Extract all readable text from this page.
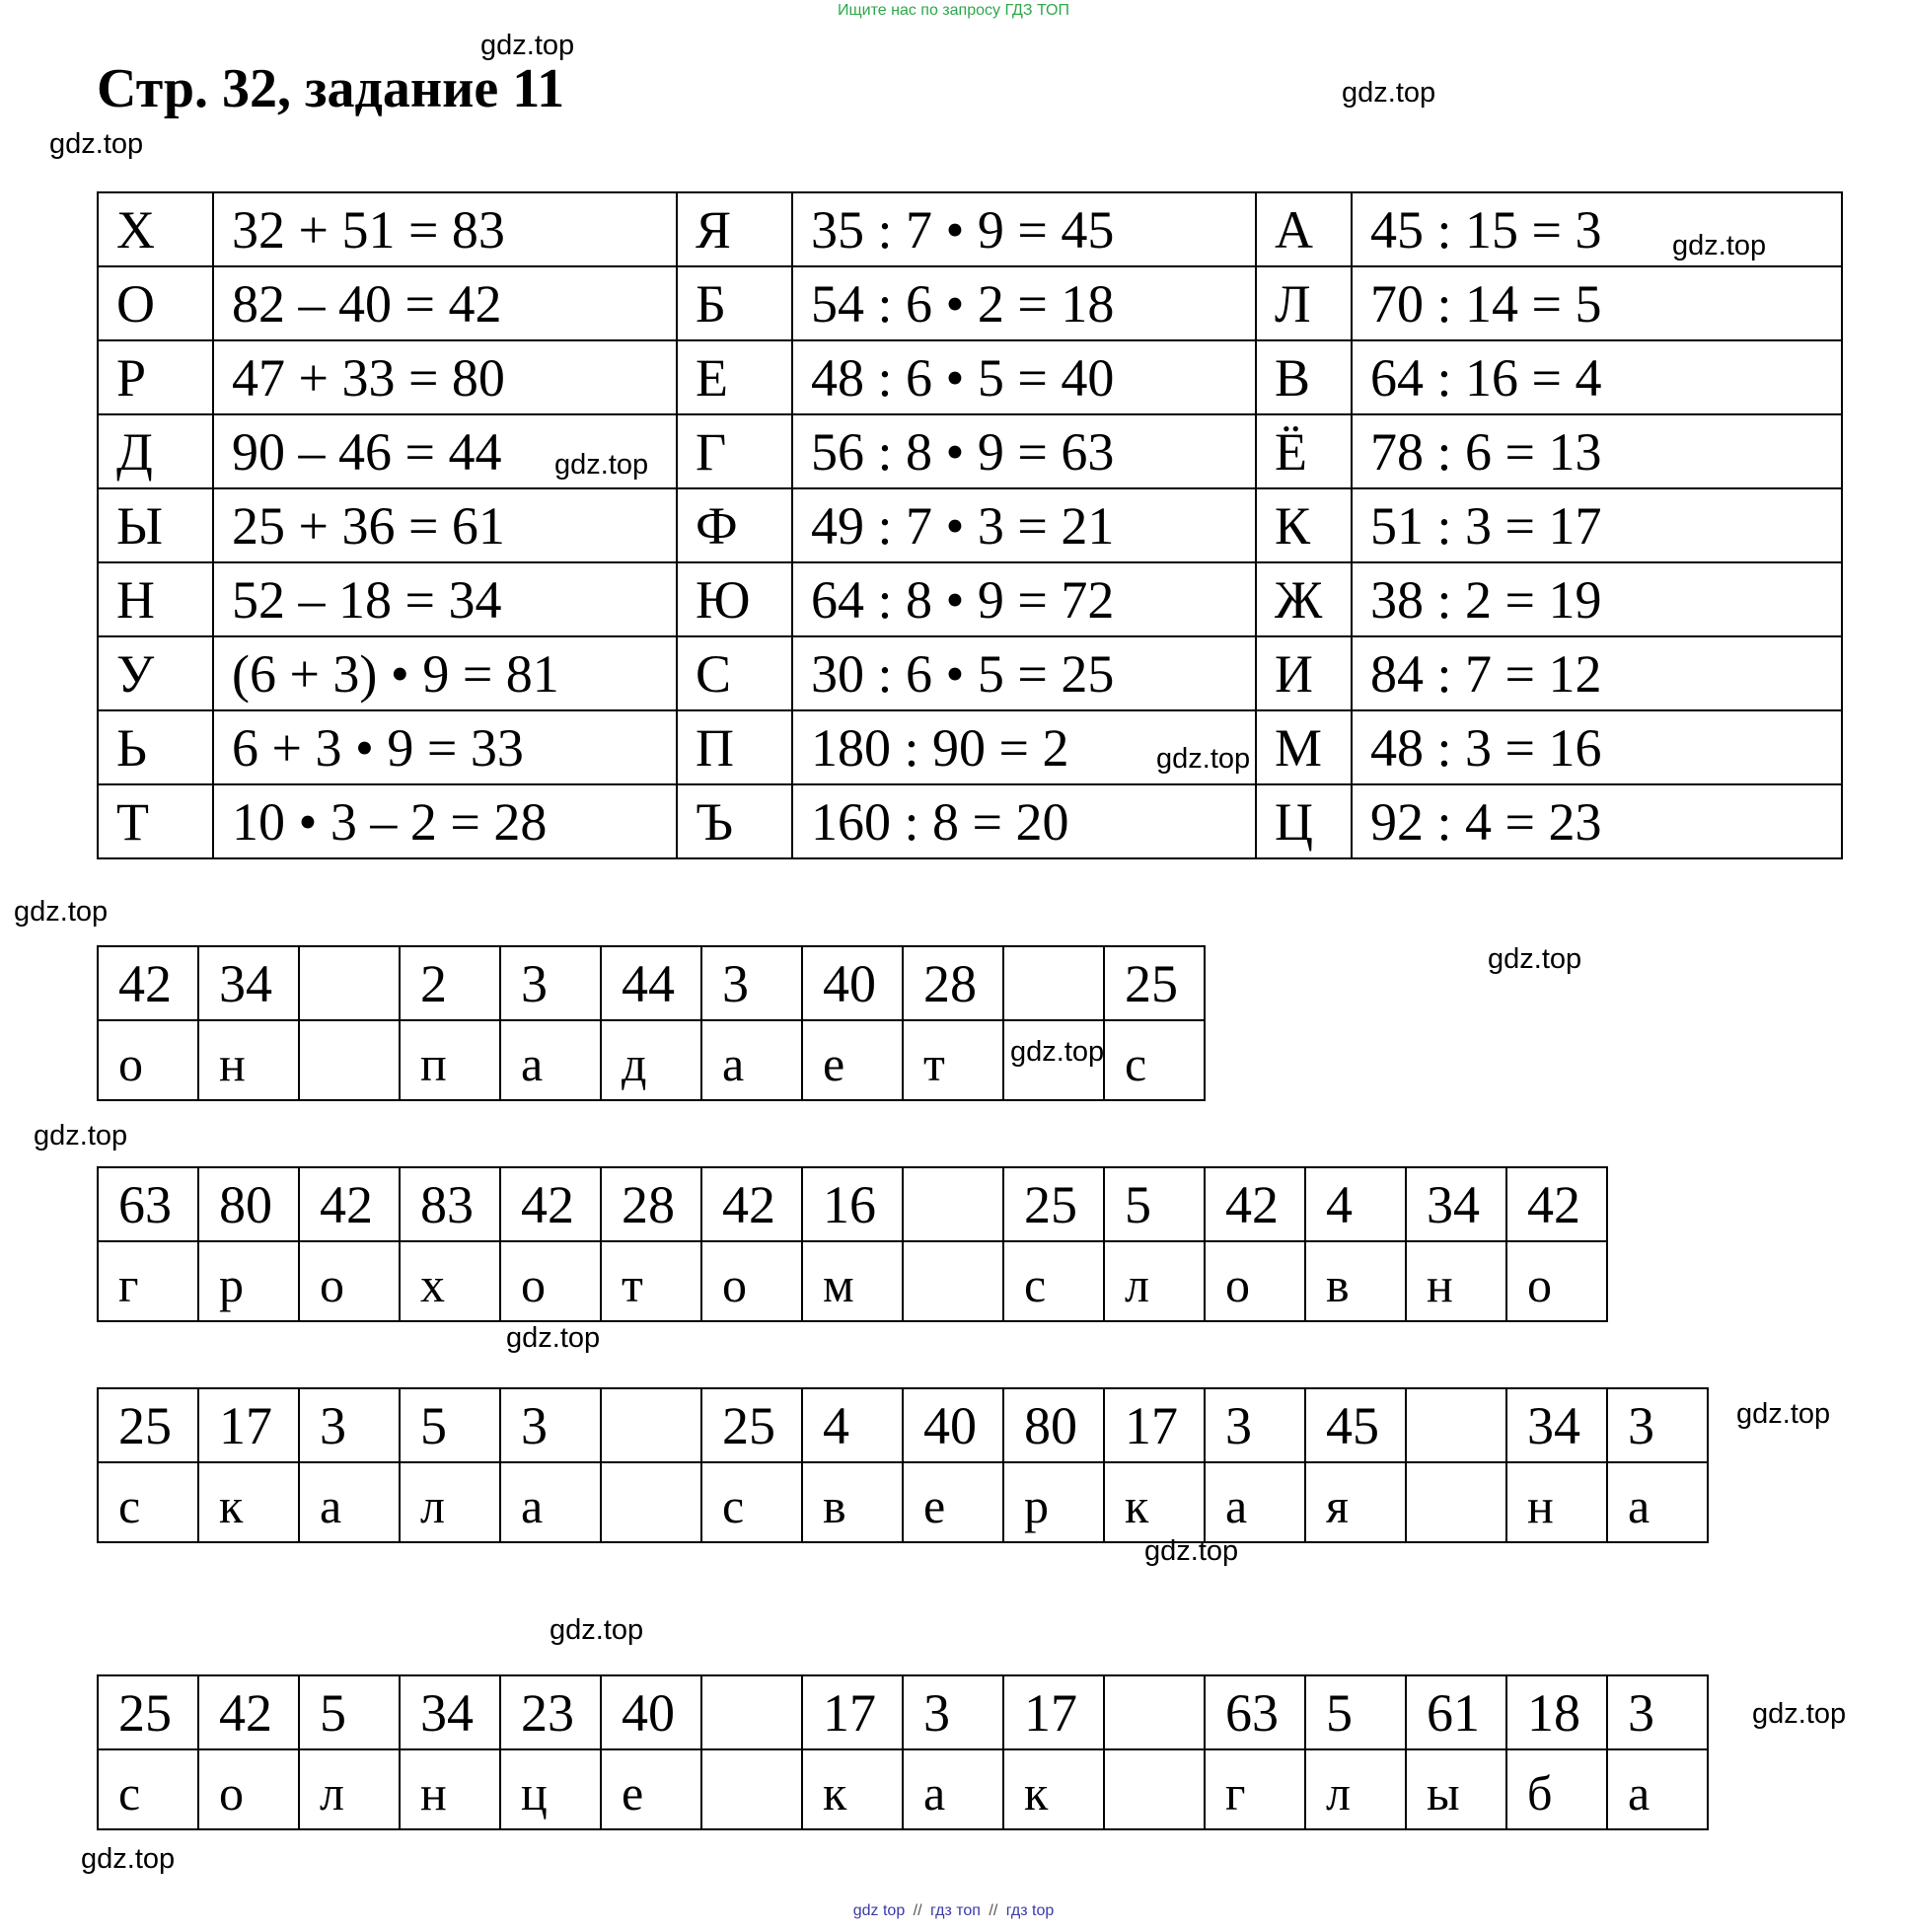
Ищите нас по запросу ГДЗ ТОП
Стр. 32, задание 11
Х	32 + 51 = 83	Я	35 : 7 • 9 = 45	А	45 : 15 = 3
О	82 – 40 = 42	Б	54 : 6 • 2 = 18	Л	70 : 14 = 5
Р	47 + 33 = 80	Е	48 : 6 • 5 = 40	В	64 : 16 = 4
Д	90 – 46 = 44	Г	56 : 8 • 9 = 63	Ё	78 : 6 = 13
Ы	25 + 36 = 61	Ф	49 : 7 • 3 = 21	К	51 : 3 = 17
Н	52 – 18 = 34	Ю	64 : 8 • 9 = 72	Ж	38 : 2 = 19
У	(6 + 3) • 9 = 81	С	30 : 6 • 5 = 25	И	84 : 7 = 12
Ь	6 + 3 • 9 = 33	П	180 : 90 = 2	М	48 : 3 = 16
Т	10 • 3 – 2 = 28	Ъ	160 : 8 = 20	Ц	92 : 4 = 23
42	34		2	3	44	3	40	28		25
о	н		п	а	д	а	е	т		с
63	80	42	83	42	28	42	16		25	5	42	4	34	42
г	р	о	х	о	т	о	м		с	л	о	в	н	о
25	17	3	5	3		25	4	40	80	17	3	45		34	3
с	к	а	л	а		с	в	е	р	к	а	я		н	а
25	42	5	34	23	40		17	3	17		63	5	61	18	3
с	о	л	н	ц	е		к	а	к		г	л	ы	б	а
gdz.top
gdz.top
gdz.top
gdz.top
gdz.top
gdz.top
gdz.top
gdz.top
gdz.top
gdz.top
gdz.top
gdz.top
gdz.top
gdz.top
gdz.top
gdz.top
gdz top // гдз топ // гдз top
